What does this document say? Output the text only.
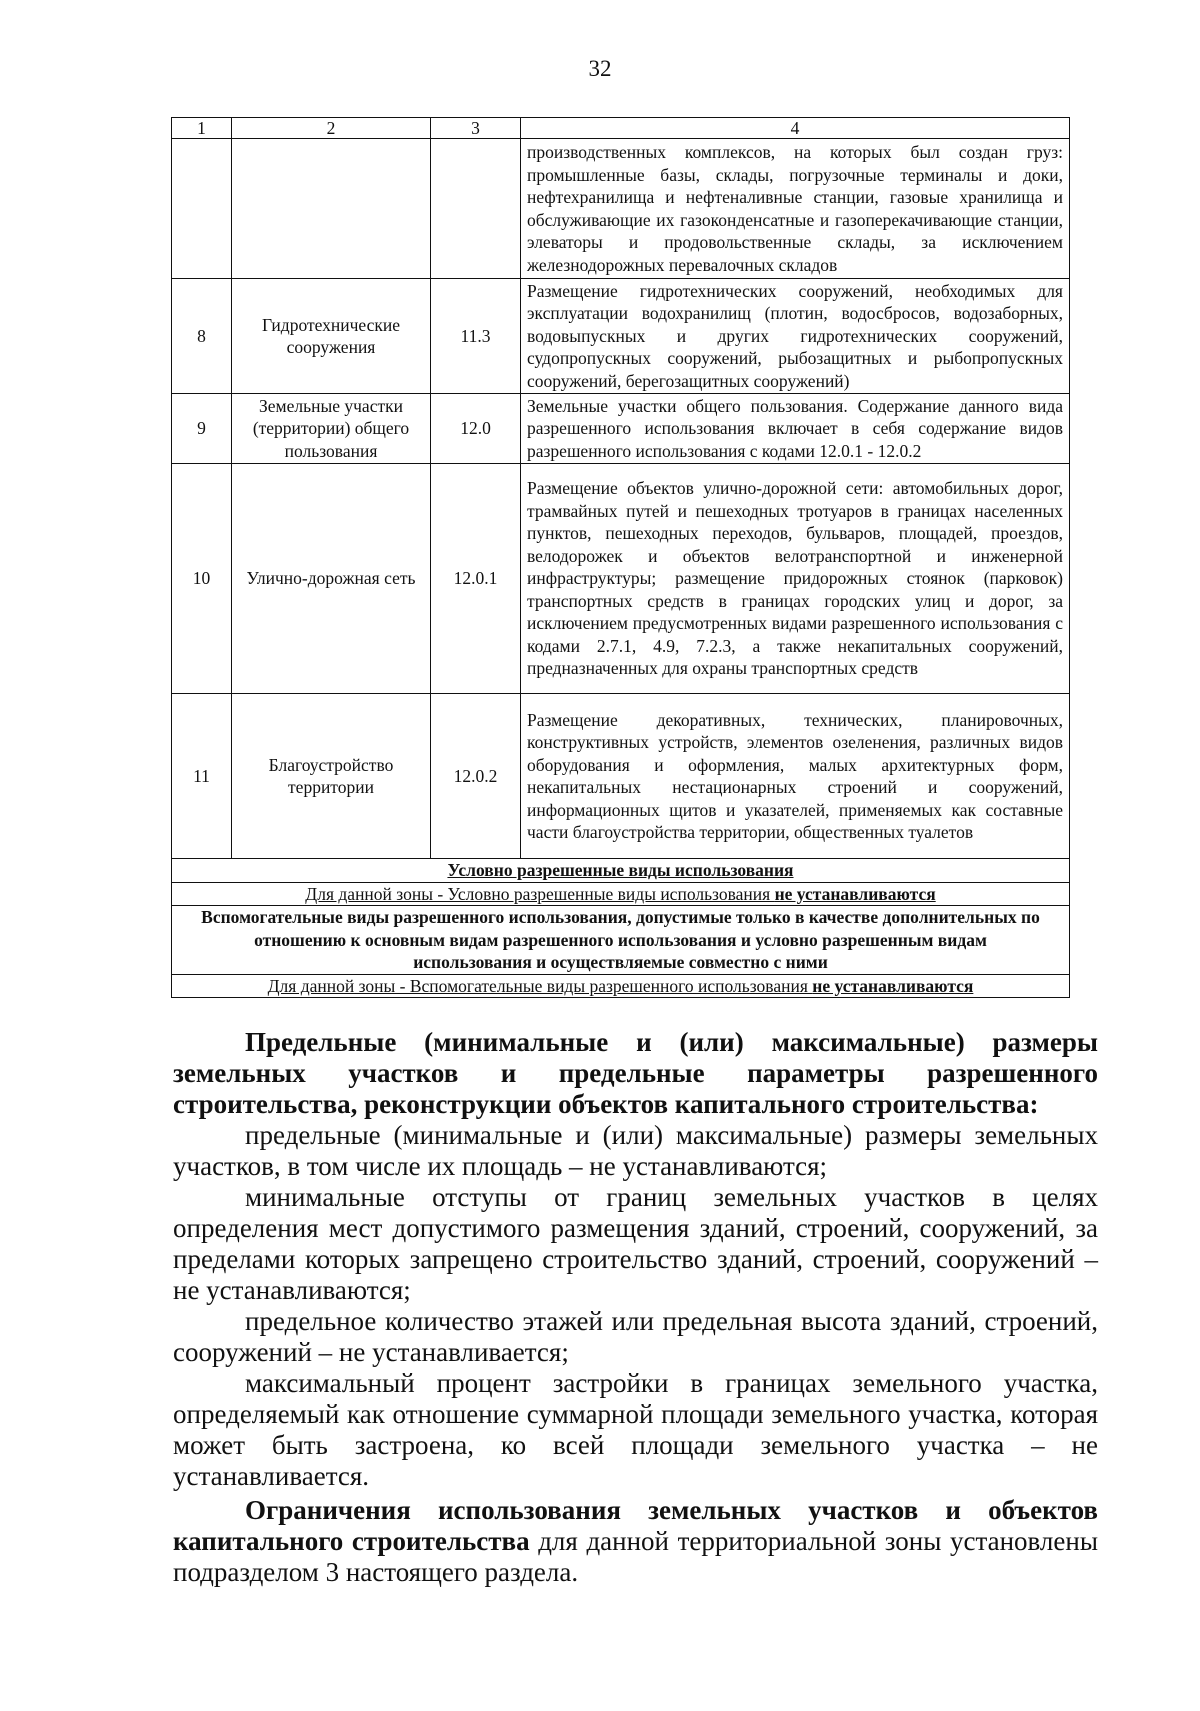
32
1	2	3	4
			производственных комплексов, на которых был создан груз: промышленные базы, склады, погрузочные терминалы и доки, нефтехранилища и нефтеналивные станции, газовые хранилища и обслуживающие их газоконденсатные и газоперекачивающие станции, элеваторы и продовольственные склады, за исключением железнодорожных перевалочных складов
8	Гидротехнические сооружения	11.3	Размещение гидротехнических сооружений, необходимых для эксплуатации водохранилищ (плотин, водосбросов, водозаборных, водовыпускных и других гидротехнических сооружений, судопропускных сооружений, рыбозащитных и рыбопропускных сооружений, берегозащитных сооружений)
9	Земельные участки (территории) общего пользования	12.0	Земельные участки общего пользования. Содержание данного вида разрешенного использования включает в себя содержание видов разрешенного использования с кодами 12.0.1 - 12.0.2
10	Улично-дорожная сеть	12.0.1	Размещение объектов улично-дорожной сети: автомобильных дорог, трамвайных путей и пешеходных тротуаров в границах населенных пунктов, пешеходных переходов, бульваров, площадей, проездов, велодорожек и объектов велотранспортной и инженерной инфраструктуры; размещение придорожных стоянок (парковок) транспортных средств в границах городских улиц и дорог, за исключением предусмотренных видами разрешенного использования с кодами 2.7.1, 4.9, 7.2.3, а также некапитальных сооружений, предназначенных для охраны транспортных средств
11	Благоустройство территории	12.0.2	Размещение декоративных, технических, планировочных, конструктивных устройств, элементов озеленения, различных видов оборудования и оформления, малых архитектурных форм, некапитальных нестационарных строений и сооружений, информационных щитов и указателей, применяемых как составные части благоустройства территории, общественных туалетов
Условно разрешенные виды использования			
Для данной зоны - Условно разрешенные виды использования не устанавливаются			
Вспомогательные виды разрешенного использования, допустимые только в качестве дополнительных по отношению к основным видам разрешенного использования и условно разрешенным видам использования и осуществляемые совместно с ними			
Для данной зоны - Вспомогательные виды разрешенного использования не устанавливаются			

Предельные (минимальные и (или) максимальные) размеры земельных участков и предельные параметры разрешенного строительства, реконструкции объектов капитального строительства:

предельные (минимальные и (или) максимальные) размеры земельных участков, в том числе их площадь – не устанавливаются;

минимальные отступы от границ земельных участков в целях определения мест допустимого размещения зданий, строений, сооружений, за пределами которых запрещено строительство зданий, строений, сооружений – не устанавливаются;

предельное количество этажей или предельная высота зданий, строений, сооружений – не устанавливается;

максимальный процент застройки в границах земельного участка, определяемый как отношение суммарной площади земельного участка, которая может быть застроена, ко всей площади земельного участка – не устанавливается.

Ограничения использования земельных участков и объектов капитального строительства для данной территориальной зоны установлены подразделом 3 настоящего раздела.
